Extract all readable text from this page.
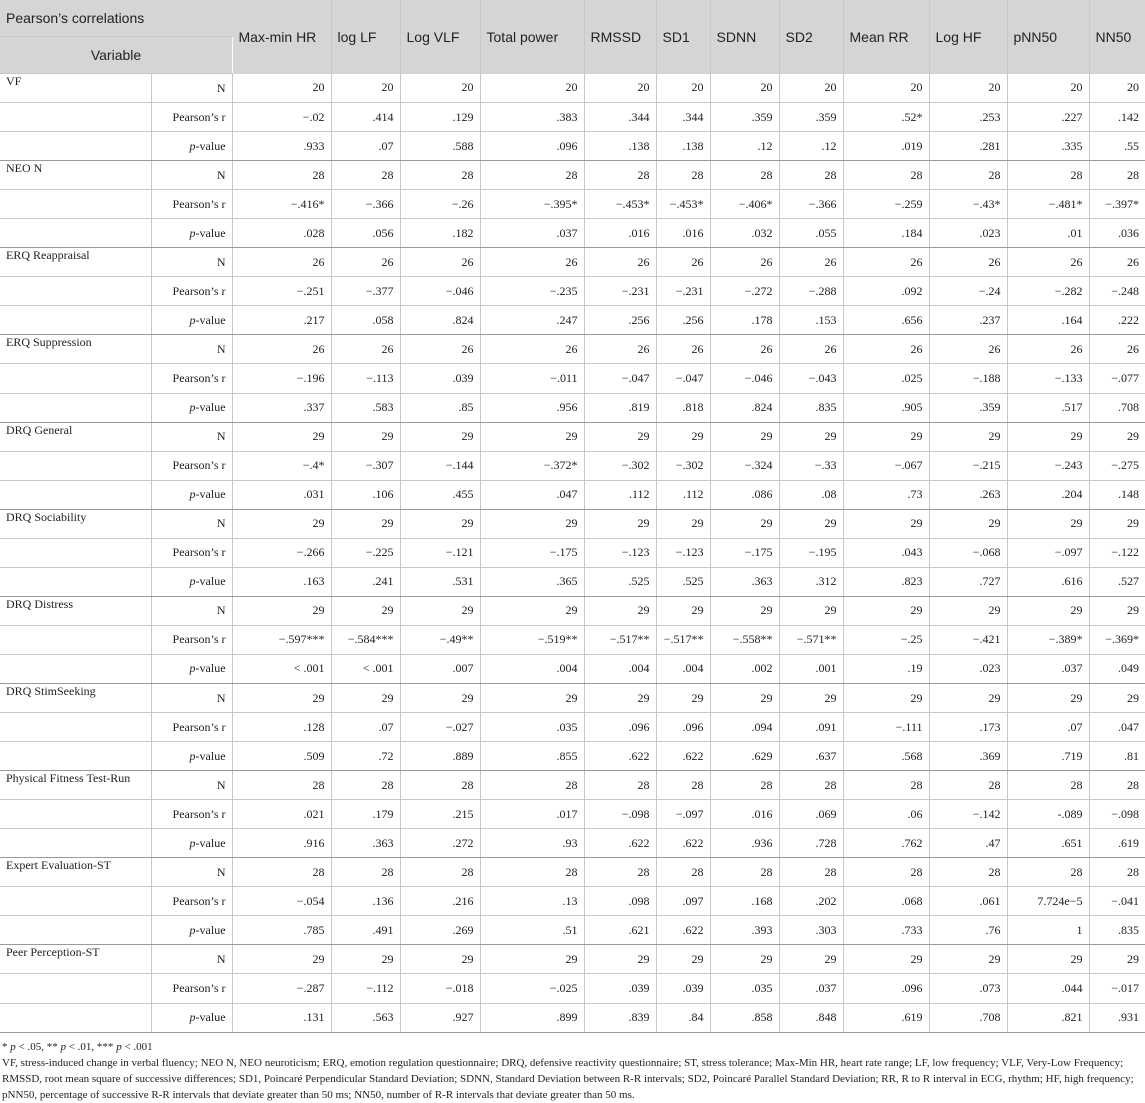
Pearson’s correlations		Max-min HR	log LF	Log VLF	Total power	RMSSD	SD1	SDNN	SD2	Mean RR	Log HF	pNN50	NN50
Variable													
VF	N	20	20	20	20	20	20	20	20	20	20	20	20
	Pearson’s r	−.02	.414	.129	.383	.344	.344	.359	.359	.52*	.253	.227	.142
	p-value	.933	.07	.588	.096	.138	.138	.12	.12	.019	.281	.335	.55
NEO N	N	28	28	28	28	28	28	28	28	28	28	28	28
	Pearson’s r	−.416*	−.366	−.26	−.395*	−.453*	−.453*	−.406*	−.366	−.259	−.43*	−.481*	−.397*
	p-value	.028	.056	.182	.037	.016	.016	.032	.055	.184	.023	.01	.036
ERQ Reappraisal	N	26	26	26	26	26	26	26	26	26	26	26	26
	Pearson’s r	−.251	−.377	−.046	−.235	−.231	−.231	−.272	−.288	.092	−.24	−.282	−.248
	p-value	.217	.058	.824	.247	.256	.256	.178	.153	.656	.237	.164	.222
ERQ Suppression	N	26	26	26	26	26	26	26	26	26	26	26	26
	Pearson’s r	−.196	−.113	.039	−.011	−.047	−.047	−.046	−.043	.025	−.188	−.133	−.077
	p-value	.337	.583	.85	.956	.819	.818	.824	.835	.905	.359	.517	.708
DRQ General	N	29	29	29	29	29	29	29	29	29	29	29	29
	Pearson’s r	−.4*	−.307	−.144	−.372*	−.302	−.302	−.324	−.33	−.067	−.215	−.243	−.275
	p-value	.031	.106	.455	.047	.112	.112	.086	.08	.73	.263	.204	.148
DRQ Sociability	N	29	29	29	29	29	29	29	29	29	29	29	29
	Pearson’s r	−.266	−.225	−.121	−.175	−.123	−.123	−.175	−.195	.043	−.068	−.097	−.122
	p-value	.163	.241	.531	.365	.525	.525	.363	.312	.823	.727	.616	.527
DRQ Distress	N	29	29	29	29	29	29	29	29	29	29	29	29
	Pearson’s r	−.597***	−.584***	−.49**	−.519**	−.517**	−.517**	−.558**	−.571**	−.25	−.421	−.389*	−.369*
	p-value	< .001	< .001	.007	.004	.004	.004	.002	.001	.19	.023	.037	.049
DRQ StimSeeking	N	29	29	29	29	29	29	29	29	29	29	29	29
	Pearson’s r	.128	.07	−.027	.035	.096	.096	.094	.091	−.111	.173	.07	.047
	p-value	.509	.72	.889	.855	.622	.622	.629	.637	.568	.369	.719	.81
Physical Fitness Test-Run	N	28	28	28	28	28	28	28	28	28	28	28	28
	Pearson’s r	.021	.179	.215	.017	−.098	−.097	.016	.069	.06	−.142	-.089	−.098
	p-value	.916	.363	.272	.93	.622	.622	.936	.728	.762	.47	.651	.619
Expert Evaluation-ST	N	28	28	28	28	28	28	28	28	28	28	28	28
	Pearson’s r	−.054	.136	.216	.13	.098	.097	.168	.202	.068	.061	7.724e−5	−.041
	p-value	.785	.491	.269	.51	.621	.622	.393	.303	.733	.76	1	.835
Peer Perception-ST	N	29	29	29	29	29	29	29	29	29	29	29	29
	Pearson’s r	−.287	−.112	−.018	−.025	.039	.039	.035	.037	.096	.073	.044	−.017
	p-value	.131	.563	.927	.899	.839	.84	.858	.848	.619	.708	.821	.931

* p < .05, ** p < .01, *** p < .001

VF, stress-induced change in verbal fluency; NEO N, NEO neuroticism; ERQ, emotion regulation questionnaire; DRQ, defensive reactivity questionnaire; ST, stress tolerance; Max-Min HR, heart rate range; LF, low frequency; VLF, Very-Low Frequency; RMSSD, root mean square of successive differences; SD1, Poincaré Perpendicular Standard Deviation; SDNN, Standard Deviation between R-R intervals; SD2, Poincaré Parallel Standard Deviation; RR, R to R interval in ECG, rhythm; HF, high frequency; pNN50, percentage of successive R-R intervals that deviate greater than 50 ms; NN50, number of R-R intervals that deviate greater than 50 ms.
